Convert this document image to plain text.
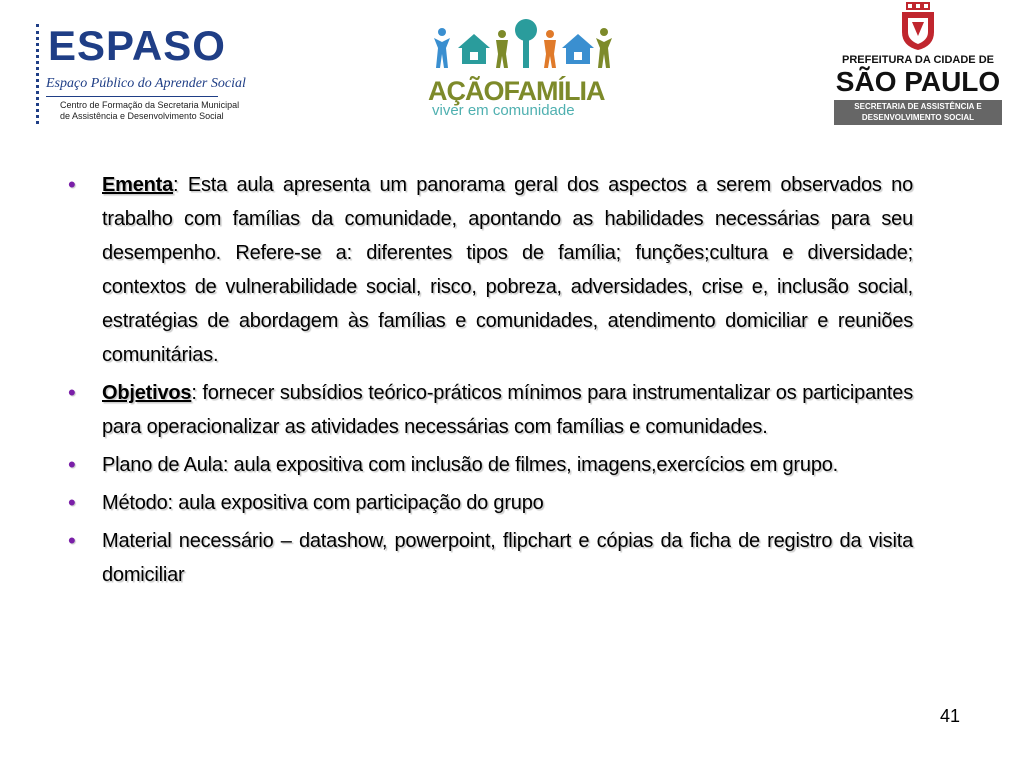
ESPASO
Espaço Público do Aprender Social
Centro de Formação da Secretaria Municipal
de Assistência e Desenvolvimento Social
AÇÃOFAMÍLIA
viver em comunidade
PREFEITURA DA CIDADE DE
SÃO PAULO
SECRETARIA DE ASSISTÊNCIA E
DESENVOLVIMENTO SOCIAL
• Ementa: Esta aula apresenta um panorama geral dos aspectos a serem observados no trabalho com famílias da comunidade, apontando as habilidades necessárias para seu desempenho. Refere-se a: diferentes tipos de família; funções;cultura e diversidade; contextos de vulnerabilidade social, risco, pobreza, adversidades, crise e, inclusão social, estratégias de abordagem às famílias e comunidades, atendimento domiciliar e reuniões comunitárias.
• Objetivos: fornecer subsídios teórico-práticos mínimos para instrumentalizar os participantes para operacionalizar as atividades necessárias com famílias e comunidades.
• Plano de Aula: aula expositiva com inclusão de filmes, imagens,exercícios em grupo.
• Método: aula expositiva com participação do grupo
• Material necessário – datashow, powerpoint, flipchart e cópias da ficha de registro da visita domiciliar
41
